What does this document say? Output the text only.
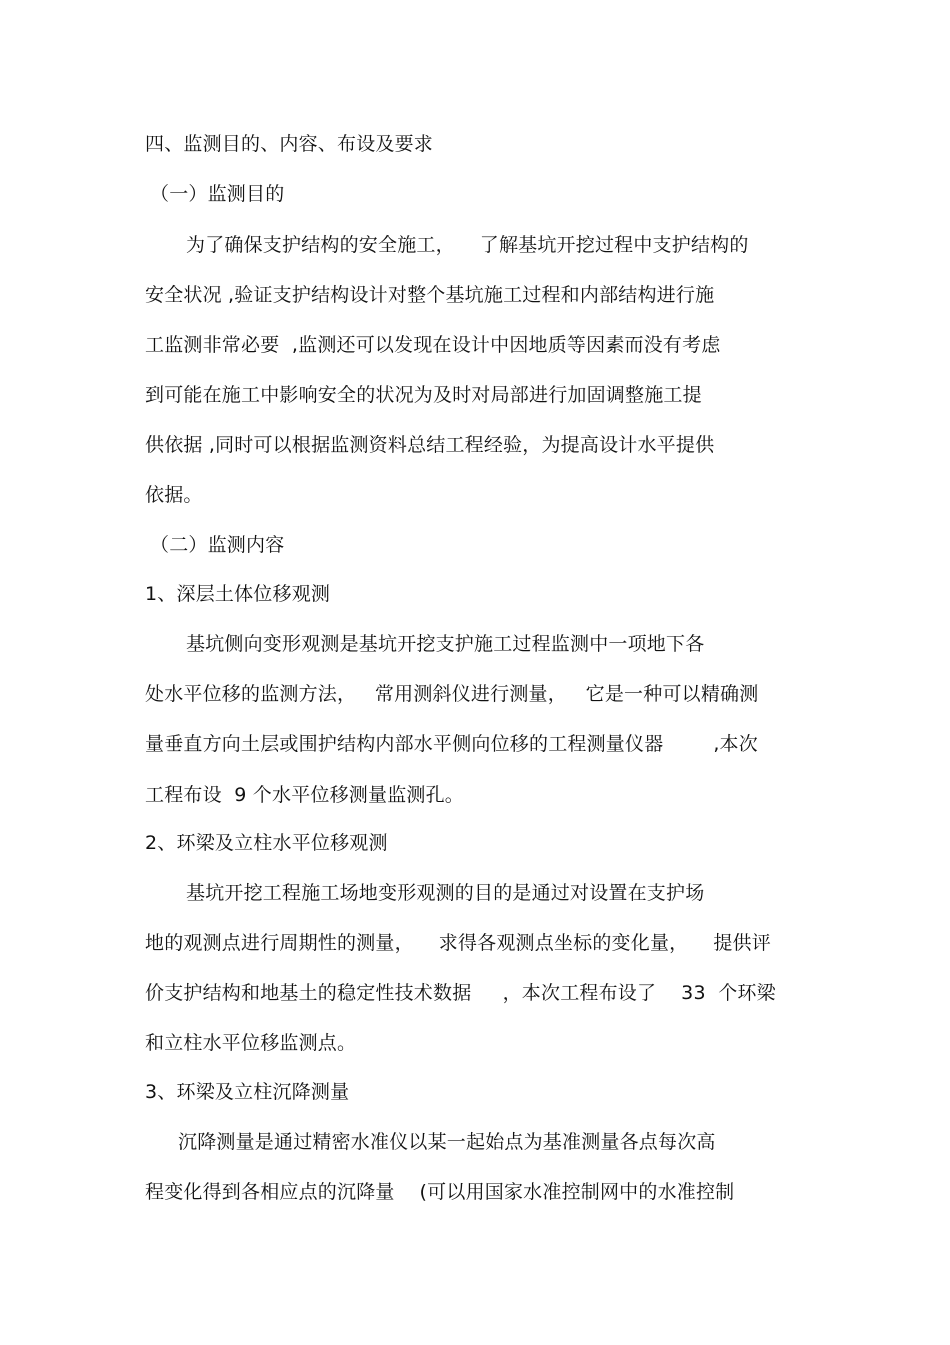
四、监测目的、内容、布设及要求
（一）监测目的
为了确保支护结构的安全施工，    了解基坑开挖过程中支护结构的
安全状况 ,验证支护结构设计对整个基坑施工过程和内部结构进行施
工监测非常必要  ,监测还可以发现在设计中因地质等因素而没有考虑
到可能在施工中影响安全的状况为及时对局部进行加固调整施工提
供依据 ,同时可以根据监测资料总结工程经验，为提高设计水平提供
依据。
（二）监测内容
1、深层土体位移观测
基坑侧向变形观测是基坑开挖支护施工过程监测中一项地下各
处水平位移的监测方法，   常用测斜仪进行测量，   它是一种可以精确测
量垂直方向土层或围护结构内部水平侧向位移的工程测量仪器        ,本次
工程布设  9 个水平位移测量监测孔。
2、环梁及立柱水平位移观测
基坑开挖工程施工场地变形观测的目的是通过对设置在支护场
地的观测点进行周期性的测量，    求得各观测点坐标的变化量，    提供评
价支护结构和地基土的稳定性技术数据     ，本次工程布设了    33  个环梁
和立柱水平位移监测点。
3、环梁及立柱沉降测量
沉降测量是通过精密水准仪以某一起始点为基准测量各点每次高
程变化得到各相应点的沉降量    (可以用国家水准控制网中的水准控制
